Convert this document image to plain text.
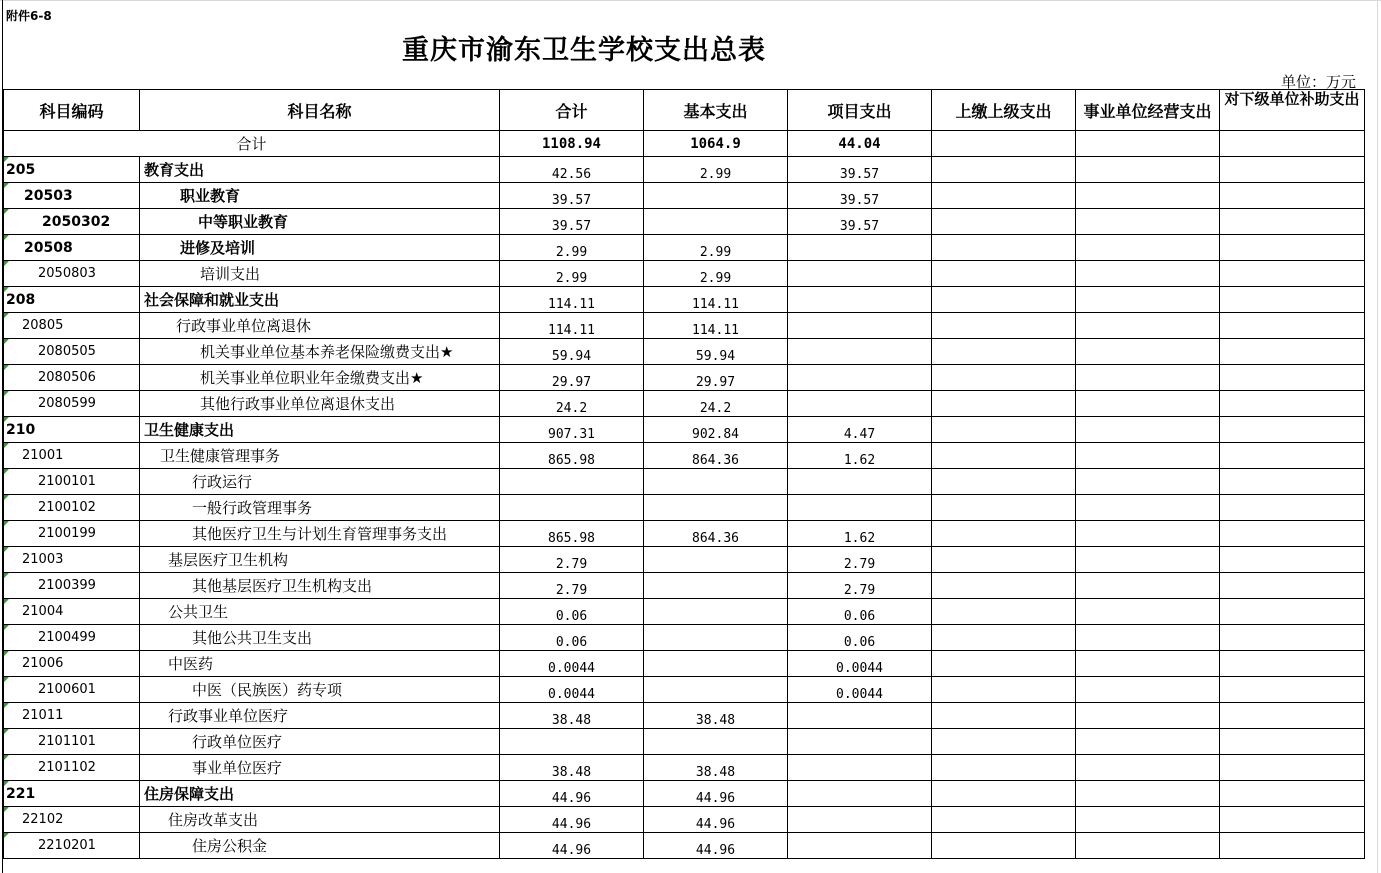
附件6-8
重庆市渝东卫生学校支出总表
单位：万元
科目编码	科目名称	合计	基本支出	项目支出	上缴上级支出	事业单位经营支出	对下级单位补助支出
合计		1108.94	1064.9	44.04			
205	教育支出	42.56	2.99	39.57			
20503	职业教育	39.57		39.57			
2050302	中等职业教育	39.57		39.57			
20508	进修及培训	2.99	2.99				
2050803	培训支出	2.99	2.99				
208	社会保障和就业支出	114.11	114.11				
20805	行政事业单位离退休	114.11	114.11				
2080505	机关事业单位基本养老保险缴费支出★	59.94	59.94				
2080506	机关事业单位职业年金缴费支出★	29.97	29.97				
2080599	其他行政事业单位离退休支出	24.2	24.2				
210	卫生健康支出	907.31	902.84	4.47			
21001	卫生健康管理事务	865.98	864.36	1.62			
2100101	行政运行						
2100102	一般行政管理事务						
2100199	其他医疗卫生与计划生育管理事务支出	865.98	864.36	1.62			
21003	基层医疗卫生机构	2.79		2.79			
2100399	其他基层医疗卫生机构支出	2.79		2.79			
21004	公共卫生	0.06		0.06			
2100499	其他公共卫生支出	0.06		0.06			
21006	中医药	0.0044		0.0044			
2100601	中医（民族医）药专项	0.0044		0.0044			
21011	行政事业单位医疗	38.48	38.48				
2101101	行政单位医疗						
2101102	事业单位医疗	38.48	38.48				
221	住房保障支出	44.96	44.96				
22102	住房改革支出	44.96	44.96				
2210201	住房公积金	44.96	44.96				
